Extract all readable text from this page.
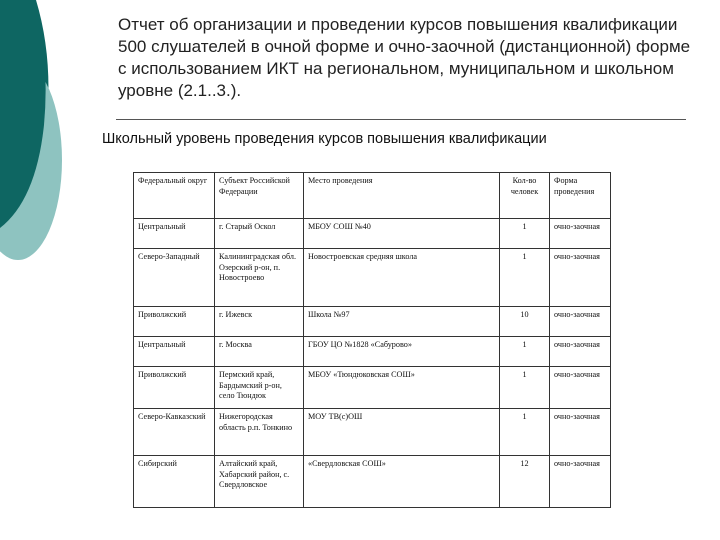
Отчет об организации и проведении курсов повышения квалификации 500 слушателей в очной форме и очно-заочной (дистанционной) форме с использованием ИКТ на региональном, муниципальном и школьном уровне (2.1..3.).
Школьный уровень проведения курсов повышения квалификации
Федеральный округ	Субъект Российской Федерации	Место проведения	Кол-во человек	Форма проведения
Центральный	г. Старый Оскол	МБОУ СОШ №40	1	очно-заочная
Северо-Западный	Калининградская обл. Озерский р-он, п. Новостроево	Новостроевская средняя школа	1	очно-заочная
Приволжский	г. Ижевск	Школа №97	10	очно-заочная
Центральный	г. Москва	ГБОУ ЦО №1828 «Сабурово»	1	очно-заочная
Приволжский	Пермский край, Бардымский р-он, село Тюндюк	МБОУ «Тюндюковская СОШ»	1	очно-заочная
Северо-Кавказский	Нижегородская область р.п. Тонкино	МОУ ТВ(с)ОШ	1	очно-заочная
Сибирский	Алтайский край, Хабарский район, с. Свердловское	«Свердловская СОШ»	12	очно-заочная
